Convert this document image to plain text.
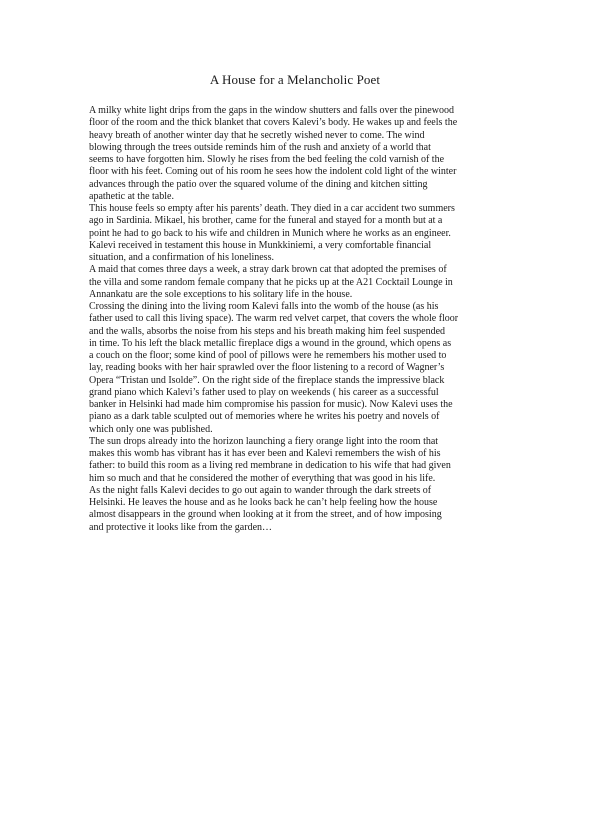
A House for a Melancholic Poet
A milky white light drips from the gaps in the window shutters and falls over the pinewood
floor of the room and the thick blanket that covers Kalevi’s body. He wakes up and feels the
heavy breath of another winter day that he secretly wished never to come. The wind
blowing through the trees outside reminds him of the rush and anxiety of a world that
seems to have forgotten him. Slowly he rises from the bed feeling the cold varnish of the
floor with his feet. Coming out of his room he sees how the indolent cold light of the winter
advances through the patio over the squared volume of the dining and kitchen sitting
apathetic at the table.
This house feels so empty after his parents’ death. They died in a car accident two summers
ago in Sardinia. Mikael, his brother, came for the funeral and stayed for a month but at a
point he had to go back to his wife and children in Munich where he works as an engineer.
Kalevi received in testament this house in Munkkiniemi, a very comfortable financial
situation, and a confirmation of his loneliness.
A maid that comes three days a week, a stray dark brown cat that adopted the premises of
the villa and some random female company that he picks up at the A21 Cocktail Lounge in
Annankatu are the sole exceptions to his solitary life in the house.
Crossing the dining into the living room Kalevi falls into the womb of the house (as his
father used to call this living space). The warm red velvet carpet, that covers the whole floor
and the walls, absorbs the noise from his steps and his breath making him feel suspended
in time. To his left the black metallic fireplace digs a wound in the ground, which opens as
a couch on the floor; some kind of pool of pillows were he remembers his mother used to
lay, reading books with her hair sprawled over the floor listening to a record of Wagner’s
Opera “Tristan und Isolde”. On the right side of the fireplace stands the impressive black
grand piano which Kalevi’s father used to play on weekends ( his career as a successful
banker in Helsinki had made him compromise his passion for music). Now Kalevi uses the
piano as a dark table sculpted out of memories where he writes his poetry and novels of
which only one was published.
The sun drops already into the horizon launching a fiery orange light into the room that
makes this womb has vibrant has it has ever been and Kalevi remembers the wish of his
father: to build this room as a living red membrane in dedication to his wife that had given
him so much and that he considered the mother of everything that was good in his life.
As the night falls Kalevi decides to go out again to wander through the dark streets of
Helsinki. He leaves the house and as he looks back he can’t help feeling how the house
almost disappears in the ground when looking at it from the street, and of how imposing
and protective it looks like from the garden…
